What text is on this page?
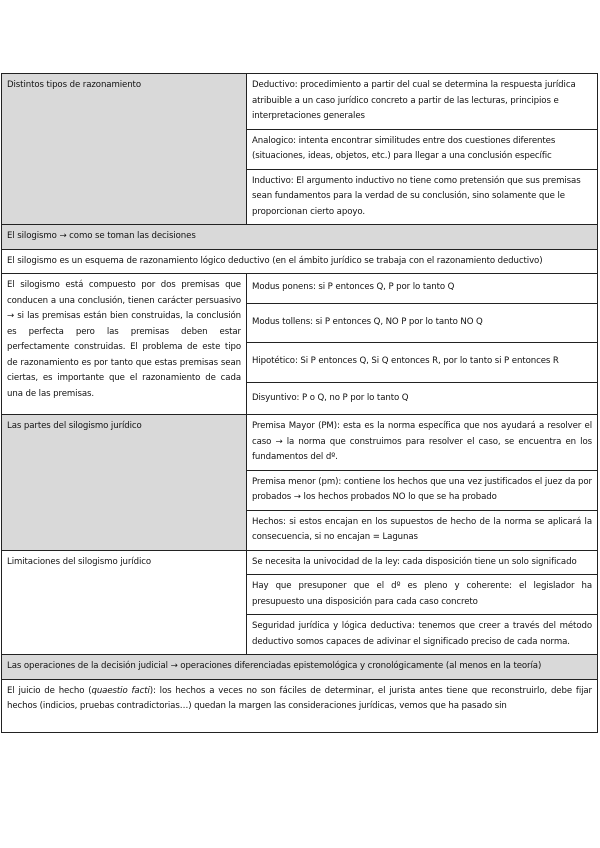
Distintos tipos de razonamiento	Deductivo: procedimiento a partir del cual se determina la respuesta jurídica atribuible a un caso jurídico concreto a partir de las lecturas, principios e interpretaciones generales
	Analogico: intenta encontrar similitudes entre dos cuestiones diferentes (situaciones, ideas, objetos, etc.) para llegar a una conclusión específic
	Inductivo: El argumento inductivo no tiene como pretensión que sus premisas sean fundamentos para la verdad de su conclusión, sino solamente que le proporcionan cierto apoyo.
El silogismo → como se toman las decisiones	
El silogismo es un esquema de razonamiento lógico deductivo (en el ámbito jurídico se trabaja con el razonamiento deductivo)	
El silogismo está compuesto por dos premisas que conducen a una conclusión, tienen carácter persuasivo → si las premisas están bien construidas, la conclusión es perfecta pero las premisas deben estar perfectamente construidas. El problema de este tipo de razonamiento es por tanto que estas premisas sean ciertas, es importante que el razonamiento de cada una de las premisas.	Modus ponens: si P entonces Q, P por lo tanto Q
	Modus tollens: si P entonces Q, NO P por lo tanto NO Q
	Hipotético: Si P entonces Q, Si Q entonces R, por lo tanto si P entonces R
	Disyuntivo: P o Q, no P por lo tanto Q
Las partes del silogismo jurídico	Premisa Mayor (PM): esta es la norma específica que nos ayudará a resolver el caso → la norma que construimos para resolver el caso, se encuentra en los fundamentos del dº.
	Premisa menor (pm): contiene los hechos que una vez justificados el juez da por probados → los hechos probados NO lo que se ha probado
	Hechos: si estos encajan en los supuestos de hecho de la norma se aplicará la consecuencia, si no encajan = Lagunas
Limitaciones del silogismo jurídico	Se necesita la univocidad de la ley: cada disposición tiene un solo significado
	Hay que presuponer que el dº es pleno y coherente: el legislador ha presupuesto una disposición para cada caso concreto
	Seguridad jurídica y lógica deductiva: tenemos que creer a través del método deductivo somos capaces de adivinar el significado preciso de cada norma.
Las operaciones de la decisión judicial → operaciones diferenciadas epistemológica y cronológicamente (al menos en la teoría)	
El juicio de hecho (quaestio facti): los hechos a veces no son fáciles de determinar, el jurista antes tiene que reconstruirlo, debe fijar hechos (indicios, pruebas contradictorias…) quedan la margen las consideraciones jurídicas, vemos que ha pasado sin	
